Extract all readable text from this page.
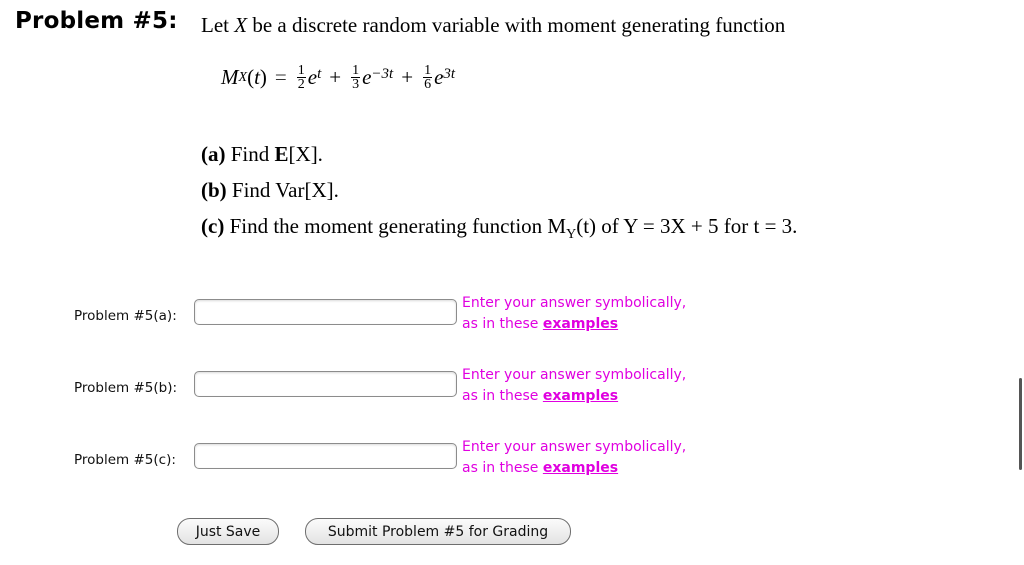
Problem #5: Let X be a discrete random variable with moment generating function
M X $(t) = \frac{1}{2}$ e $^t + \frac{1}{3}$ e $^{-3t} + \frac{1}{6}$ e $^{3t}$
(a) Find E[X].
(b) Find Var[X].
(c) Find the moment generating function $M_Y(t)$ of Y = 3X + 5 for t = 3.
Problem #5(a):
Enter your answer symbolically,
as in these examples
Problem #5(b):
Enter your answer symbolically,
as in these examples
Problem #5(c):
Enter your answer symbolically,
as in these examples
Just Save	Submit Problem #5 for Grading
